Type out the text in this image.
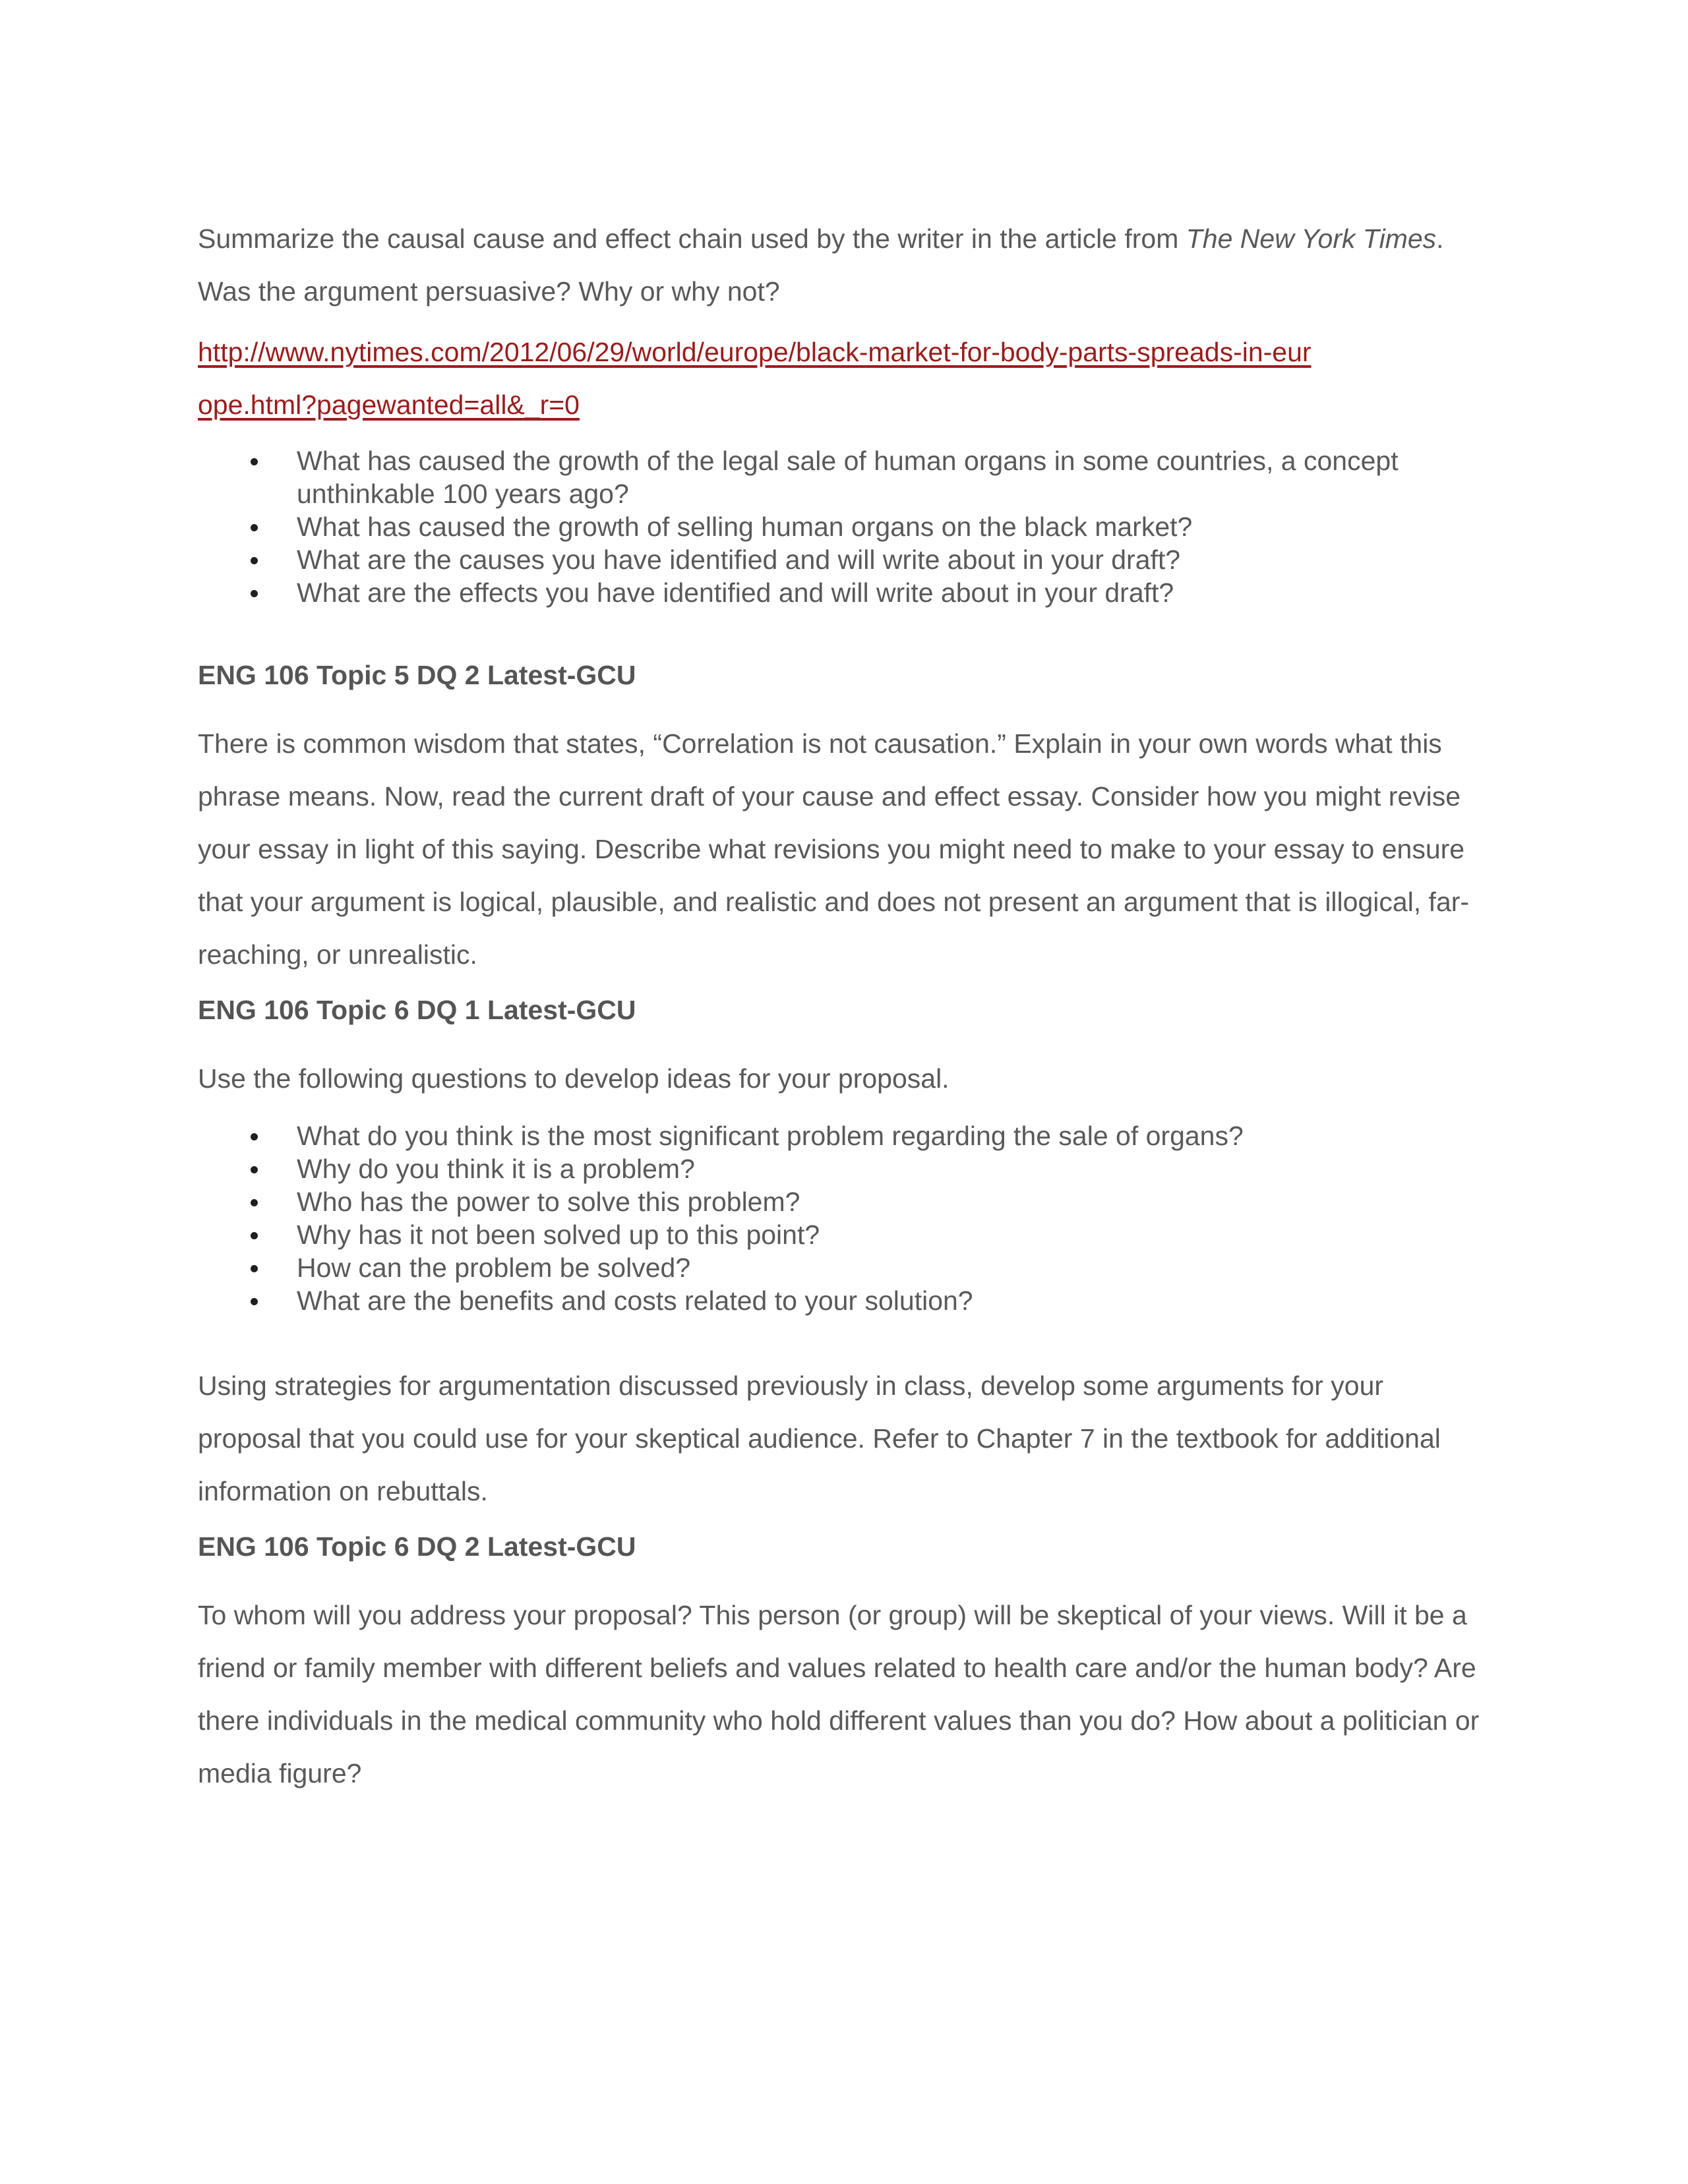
Summarize the causal cause and effect chain used by the writer in the article from The New York Times. Was the argument persuasive? Why or why not?

http://www.nytimes.com/2012/06/29/world/europe/black-market-for-body-parts-spreads-in-europe.html?pagewanted=all&_r=0
What has caused the growth of the legal sale of human organs in some countries, a concept unthinkable 100 years ago?
What has caused the growth of selling human organs on the black market?
What are the causes you have identified and will write about in your draft?
What are the effects you have identified and will write about in your draft?
ENG 106 Topic 5 DQ 2 Latest-GCU

There is common wisdom that states, “Correlation is not causation.” Explain in your own words what this phrase means. Now, read the current draft of your cause and effect essay. Consider how you might revise your essay in light of this saying. Describe what revisions you might need to make to your essay to ensure that your argument is logical, plausible, and realistic and does not present an argument that is illogical, far-reaching, or unrealistic.

ENG 106 Topic 6 DQ 1 Latest-GCU

Use the following questions to develop ideas for your proposal.

What do you think is the most significant problem regarding the sale of organs?
Why do you think it is a problem?
Who has the power to solve this problem?
Why has it not been solved up to this point?
How can the problem be solved?
What are the benefits and costs related to your solution?

Using strategies for argumentation discussed previously in class, develop some arguments for your proposal that you could use for your skeptical audience. Refer to Chapter 7 in the textbook for additional information on rebuttals.

ENG 106 Topic 6 DQ 2 Latest-GCU

To whom will you address your proposal? This person (or group) will be skeptical of your views. Will it be a friend or family member with different beliefs and values related to health care and/or the human body? Are there individuals in the medical community who hold different values than you do? How about a politician or media figure?
